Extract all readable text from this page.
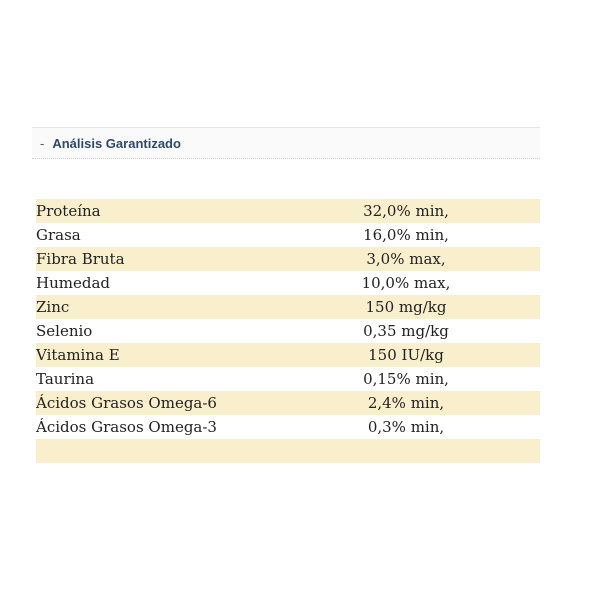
- Análisis Garantizado
Proteína	32,0% min,
Grasa	16,0% min,
Fibra Bruta	3,0% max,
Humedad	10,0% max,
Zinc	150 mg/kg
Selenio	0,35 mg/kg
Vitamina E	150 IU/kg
Taurina	0,15% min,
Ácidos Grasos Omega-6	2,4% min,
Ácidos Grasos Omega-3	0,3% min,
